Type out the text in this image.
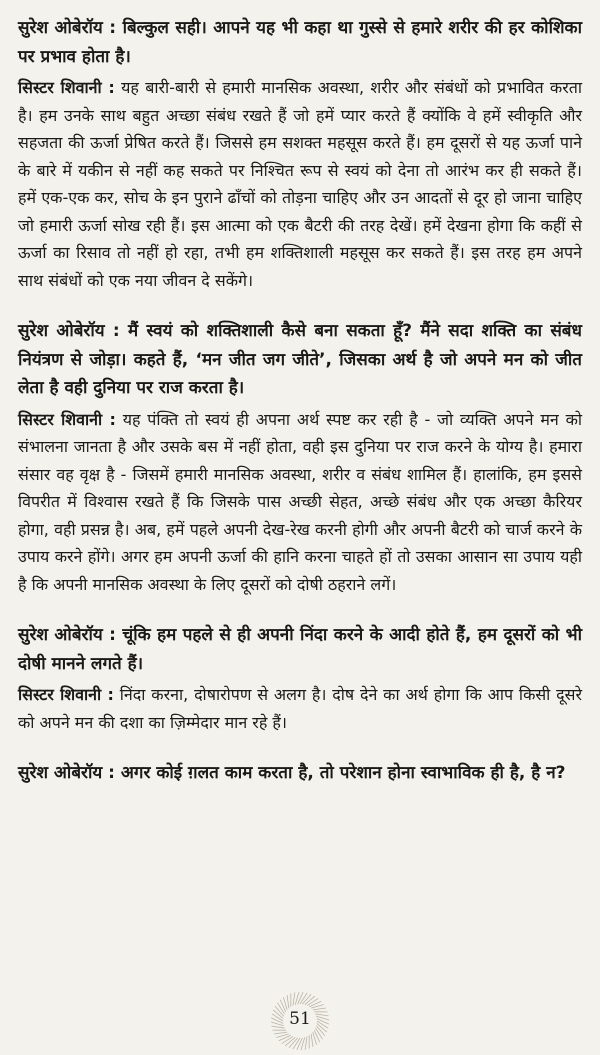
सुरेश ओबेरॉय : बिल्कुल सही। आपने यह भी कहा था गुस्से से हमारे शरीर की हर कोशिका पर प्रभाव होता है।

सिस्टर शिवानी : यह बारी-बारी से हमारी मानसिक अवस्था, शरीर और संबंधों को प्रभावित करता है। हम उनके साथ बहुत अच्छा संबंध रखते हैं जो हमें प्यार करते हैं क्योंकि वे हमें स्वीकृति और सहजता की ऊर्जा प्रेषित करते हैं। जिससे हम सशक्त महसूस करते हैं। हम दूसरों से यह ऊर्जा पाने के बारे में यकीन से नहीं कह सकते पर निश्चित रूप से स्वयं को देना तो आरंभ कर ही सकते हैं। हमें एक-एक कर, सोच के इन पुराने ढाँचों को तोड़ना चाहिए और उन आदतों से दूर हो जाना चाहिए जो हमारी ऊर्जा सोख रही हैं। इस आत्मा को एक बैटरी की तरह देखें। हमें देखना होगा कि कहीं से ऊर्जा का रिसाव तो नहीं हो रहा, तभी हम शक्तिशाली महसूस कर सकते हैं। इस तरह हम अपने साथ संबंधों को एक नया जीवन दे सकेंगे।

सुरेश ओबेरॉय : मैं स्वयं को शक्तिशाली कैसे बना सकता हूँ? मैंने सदा शक्ति का संबंध नियंत्रण से जोड़ा। कहते हैं, ‘मन जीत जग जीते’, जिसका अर्थ है जो अपने मन को जीत लेता है वही दुनिया पर राज करता है।

सिस्टर शिवानी : यह पंक्ति तो स्वयं ही अपना अर्थ स्पष्ट कर रही है - जो व्यक्ति अपने मन को संभालना जानता है और उसके बस में नहीं होता, वही इस दुनिया पर राज करने के योग्य है। हमारा संसार वह वृक्ष है - जिसमें हमारी मानसिक अवस्था, शरीर व संबंध शामिल हैं। हालांकि, हम इससे विपरीत में विश्वास रखते हैं कि जिसके पास अच्छी सेहत, अच्छे संबंध और एक अच्छा कैरियर होगा, वही प्रसन्न है। अब, हमें पहले अपनी देख-रेख करनी होगी और अपनी बैटरी को चार्ज करने के उपाय करने होंगे। अगर हम अपनी ऊर्जा की हानि करना चाहते हों तो उसका आसान सा उपाय यही है कि अपनी मानसिक अवस्था के लिए दूसरों को दोषी ठहराने लगें।

सुरेश ओबेरॉय : चूंकि हम पहले से ही अपनी निंदा करने के आदी होते हैं, हम दूसरों को भी दोषी मानने लगते हैं।

सिस्टर शिवानी : निंदा करना, दोषारोपण से अलग है। दोष देने का अर्थ होगा कि आप किसी दूसरे को अपने मन की दशा का ज़िम्मेदार मान रहे हैं।

सुरेश ओबेरॉय : अगर कोई ग़लत काम करता है, तो परेशान होना स्वाभाविक ही है, है न?

51
